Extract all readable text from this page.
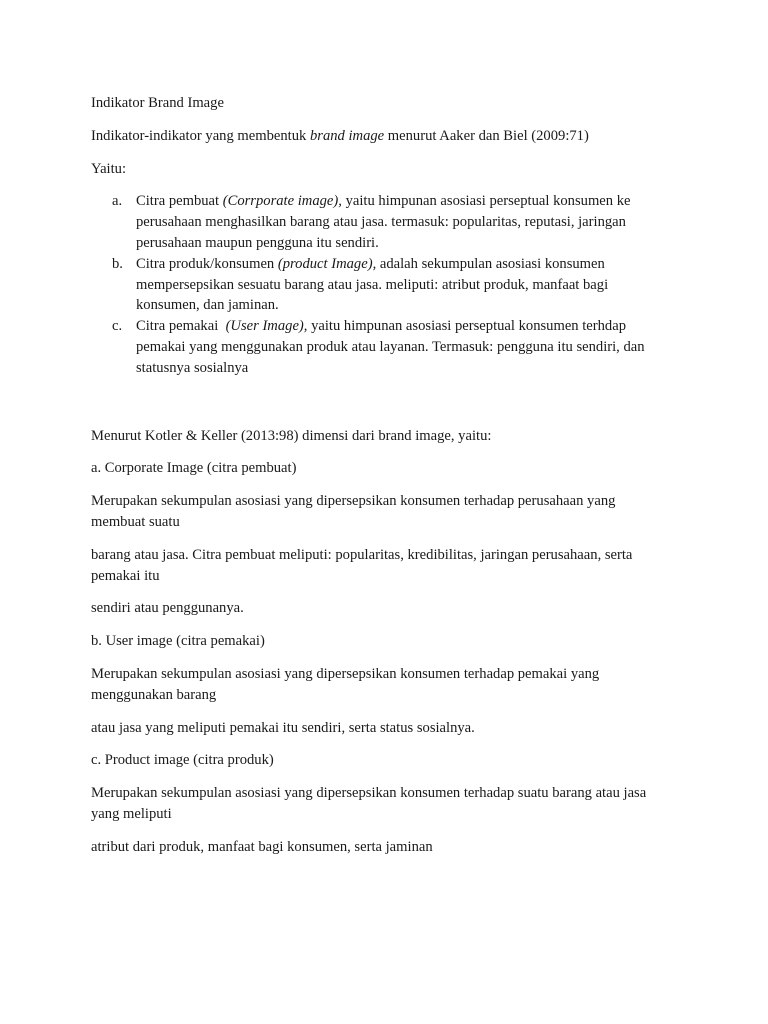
Indikator Brand Image

Indikator-indikator yang membentuk brand image menurut Aaker dan Biel (2009:71)

Yaitu:

a. Citra pembuat (Corrporate image), yaitu himpunan asosiasi perseptual konsumen ke perusahaan menghasilkan barang atau jasa. termasuk: popularitas, reputasi, jaringan perusahaan maupun pengguna itu sendiri.
b. Citra produk/konsumen (product Image), adalah sekumpulan asosiasi konsumen mempersepsikan sesuatu barang atau jasa. meliputi: atribut produk, manfaat bagi konsumen, dan jaminan.
c. Citra pemakai  (User Image), yaitu himpunan asosiasi perseptual konsumen terhdap pemakai yang menggunakan produk atau layanan. Termasuk: pengguna itu sendiri, dan statusnya sosialnya

Menurut Kotler & Keller (2013:98) dimensi dari brand image, yaitu:

a. Corporate Image (citra pembuat)

Merupakan sekumpulan asosiasi yang dipersepsikan konsumen terhadap perusahaan yang membuat suatu

barang atau jasa. Citra pembuat meliputi: popularitas, kredibilitas, jaringan perusahaan, serta pemakai itu

sendiri atau penggunanya.

b. User image (citra pemakai)

Merupakan sekumpulan asosiasi yang dipersepsikan konsumen terhadap pemakai yang menggunakan barang

atau jasa yang meliputi pemakai itu sendiri, serta status sosialnya.

c. Product image (citra produk)

Merupakan sekumpulan asosiasi yang dipersepsikan konsumen terhadap suatu barang atau jasa yang meliputi

atribut dari produk, manfaat bagi konsumen, serta jaminan
